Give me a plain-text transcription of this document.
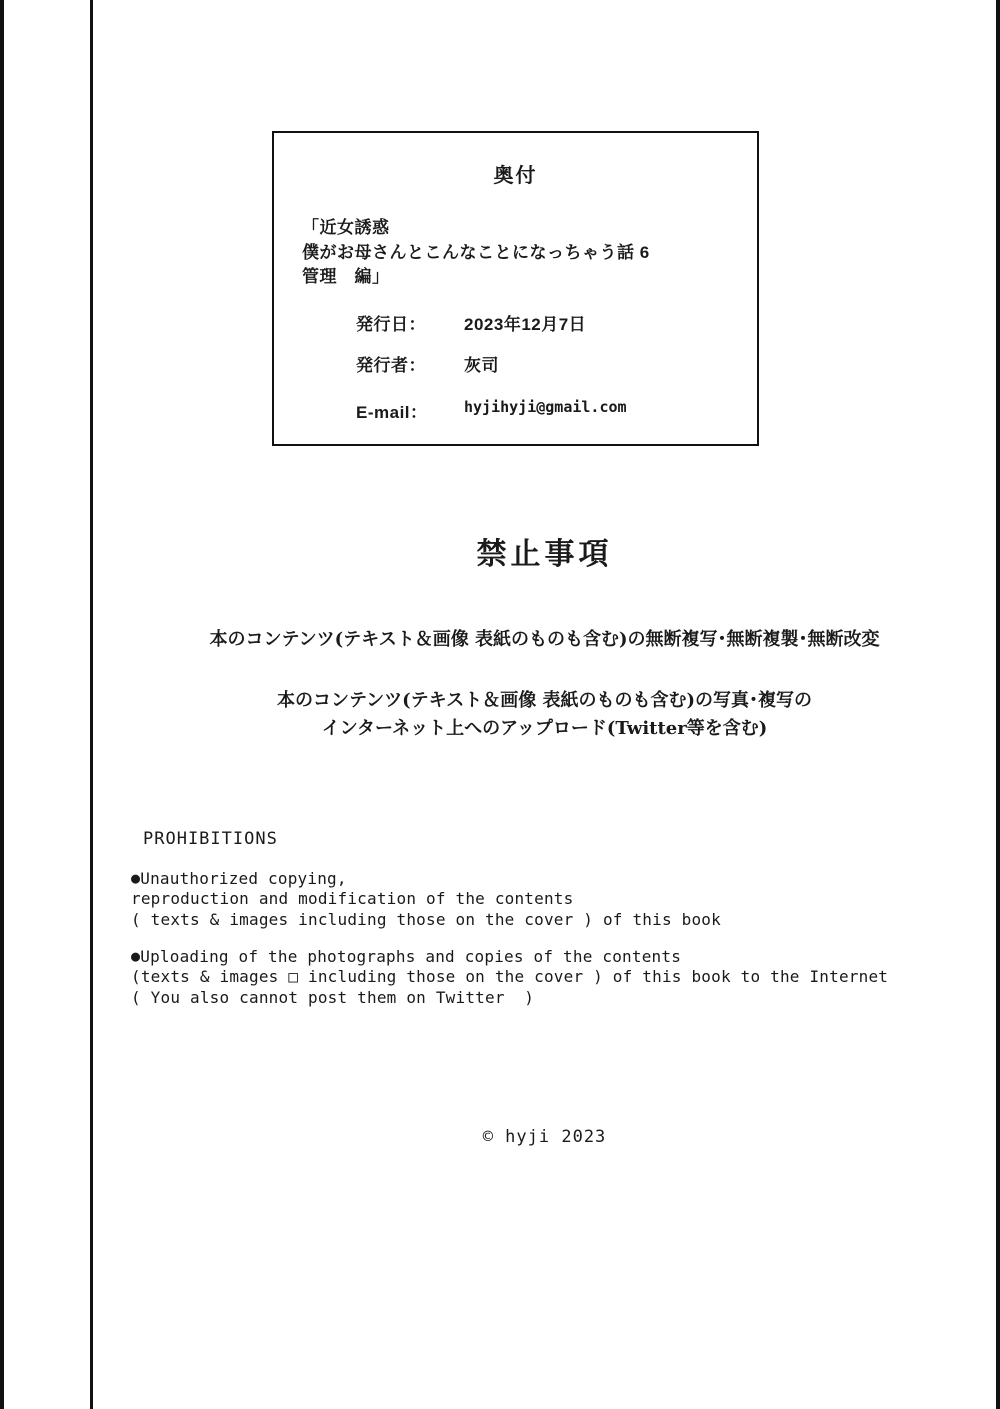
奥付
「近女誘惑
僕がお母さんとこんなことになっちゃう話 6
管理　編」
発行日：	2023年12月7日
発行者：	灰司
E-mail：	hyjihyji@gmail.com
禁止事項
本のコンテンツ(テキスト＆画像 表紙のものも含む)の無断複写･無断複製･無断改変
本のコンテンツ(テキスト＆画像 表紙のものも含む)の写真･複写の
インターネット上へのアップロード(Twitter等を含む)
PROHIBITIONS
●Unauthorized copying,
reproduction and modification of the contents
( texts & images including those on the cover ) of this book
●Uploading of the photographs and copies of the contents
(texts & images □ including those on the cover ) of this book to the Internet
( You also cannot post them on Twitter  )
© hyji 2023
